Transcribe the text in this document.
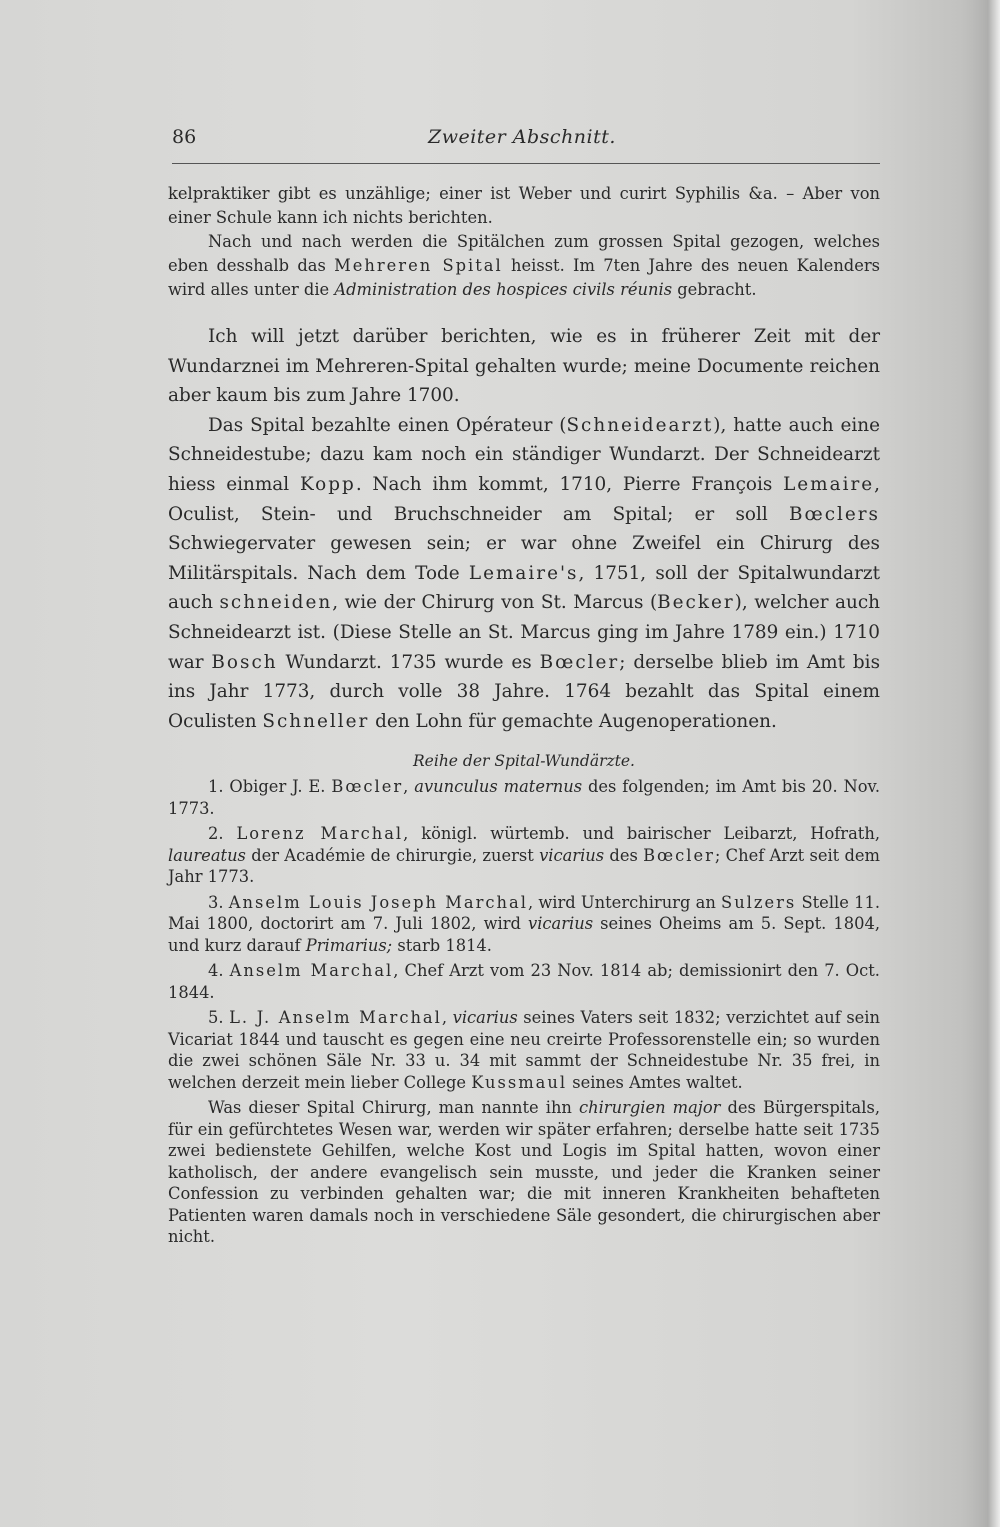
86	Zweiter Abschnitt.

kelpraktiker gibt es unzählige; einer ist Weber und curirt Syphilis &a. – Aber von einer Schule kann ich nichts berichten.

Nach und nach werden die Spitälchen zum grossen Spital gezogen, welches eben desshalb das Mehreren Spital heisst. Im 7ten Jahre des neuen Kalenders wird alles unter die Administration des hospices civils réunis gebracht.

Ich will jetzt darüber berichten, wie es in früherer Zeit mit der Wundarznei im Mehreren-Spital gehalten wurde; meine Documente reichen aber kaum bis zum Jahre 1700.

Das Spital bezahlte einen Opérateur (Schneidearzt), hatte auch eine Schneidestube; dazu kam noch ein ständiger Wundarzt. Der Schneidearzt hiess einmal Kopp. Nach ihm kommt, 1710, Pierre François Lemaire, Oculist, Stein- und Bruchschneider am Spital; er soll Bœclers Schwiegervater gewesen sein; er war ohne Zweifel ein Chirurg des Militärspitals. Nach dem Tode Lemaire's, 1751, soll der Spitalwundarzt auch schneiden, wie der Chirurg von St. Marcus (Becker), welcher auch Schneidearzt ist. (Diese Stelle an St. Marcus ging im Jahre 1789 ein.) 1710 war Bosch Wundarzt. 1735 wurde es Bœcler; derselbe blieb im Amt bis ins Jahr 1773, durch volle 38 Jahre. 1764 bezahlt das Spital einem Oculisten Schneller den Lohn für gemachte Augenoperationen.

Reihe der Spital-Wundärzte.

1. Obiger J. E. Bœcler, avunculus maternus des folgenden; im Amt bis 20. Nov. 1773.

2. Lorenz Marchal, königl. würtemb. und bairischer Leibarzt, Hofrath, laureatus der Académie de chirurgie, zuerst vicarius des Bœcler; Chef Arzt seit dem Jahr 1773.

3. Anselm Louis Joseph Marchal, wird Unterchirurg an Sulzers Stelle 11. Mai 1800, doctorirt am 7. Juli 1802, wird vicarius seines Oheims am 5. Sept. 1804, und kurz darauf Primarius; starb 1814.

4. Anselm Marchal, Chef Arzt vom 23 Nov. 1814 ab; demissionirt den 7. Oct. 1844.

5. L. J. Anselm Marchal, vicarius seines Vaters seit 1832; verzichtet auf sein Vicariat 1844 und tauscht es gegen eine neu creirte Professorenstelle ein; so wurden die zwei schönen Säle Nr. 33 u. 34 mit sammt der Schneidestube Nr. 35 frei, in welchen derzeit mein lieber College Kussmaul seines Amtes waltet.

Was dieser Spital Chirurg, man nannte ihn chirurgien major des Bürgerspitals, für ein gefürchtetes Wesen war, werden wir später erfahren; derselbe hatte seit 1735 zwei bedienstete Gehilfen, welche Kost und Logis im Spital hatten, wovon einer katholisch, der andere evangelisch sein musste, und jeder die Kranken seiner Confession zu verbinden gehalten war; die mit inneren Krankheiten behafteten Patienten waren damals noch in verschiedene Säle gesondert, die chirurgischen aber nicht.
